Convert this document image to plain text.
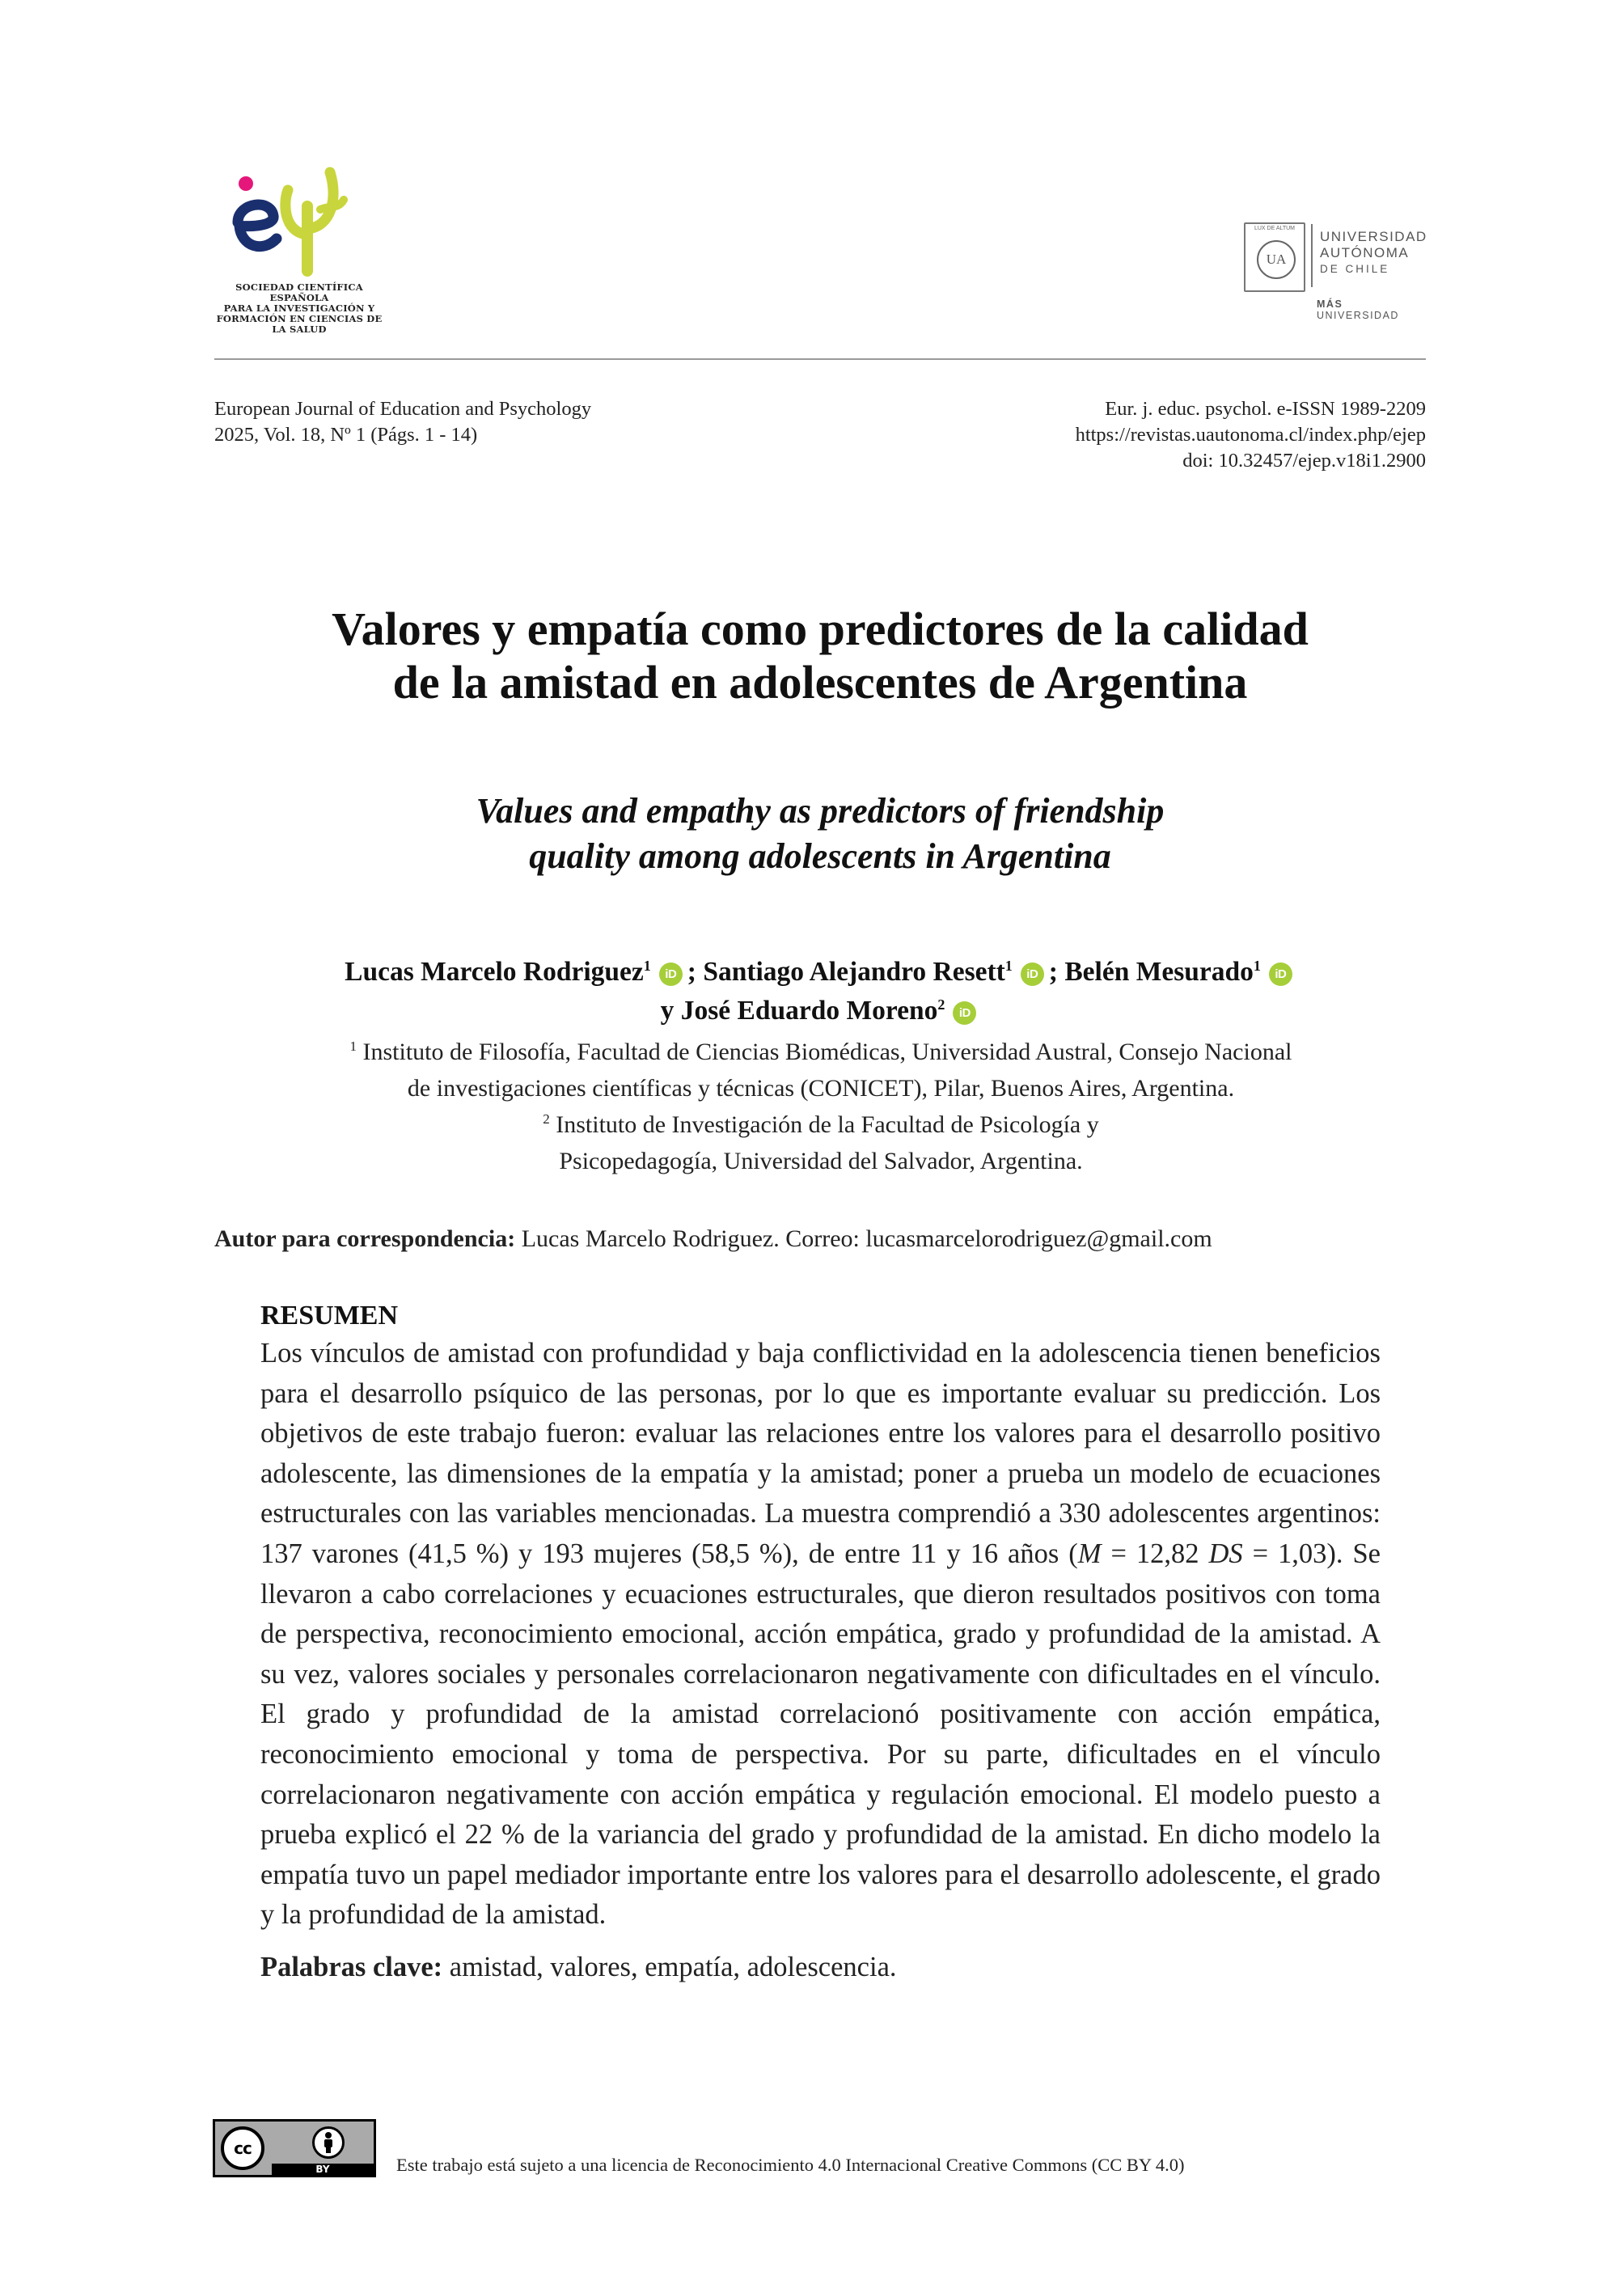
SOCIEDAD CIENTÍFICA ESPAÑOLA
PARA LA INVESTIGACIÓN Y
FORMACIÓN EN CIENCIAS DE
LA SALUD
LUX DE ALTUM
UA
UNIVERSIDAD
AUTÓNOMA
DE CHILE
MÁS UNIVERSIDAD
European Journal of Education and Psychology
2025, Vol. 18, Nº 1 (Págs. 1 - 14)
Eur. j. educ. psychol. e-ISSN 1989-2209
https://revistas.uautonoma.cl/index.php/ejep
doi: 10.32457/ejep.v18i1.2900
Valores y empatía como predictores de la calidad
de la amistad en adolescentes de Argentina
Values and empathy as predictors of friendship
quality among adolescents in Argentina
Lucas Marcelo Rodriguez$^1$iD ; Santiago Alejandro Resett$^1$iD ; Belén Mesurado$^1$iD
y José Eduardo Moreno$^2$iD
$^1$ Instituto de Filosofía, Facultad de Ciencias Biomédicas, Universidad Austral, Consejo Nacional
de investigaciones científicas y técnicas (CONICET), Pilar, Buenos Aires, Argentina.
$^2$ Instituto de Investigación de la Facultad de Psicología y
Psicopedagogía, Universidad del Salvador, Argentina.
Autor para correspondencia: Lucas Marcelo Rodriguez. Correo: lucasmarcelorodriguez@gmail.com
RESUMEN

Los vínculos de amistad con profundidad y baja conflictividad en la adolescencia tienen beneficios para el desarrollo psíquico de las personas, por lo que es importante evaluar su predicción. Los objetivos de este trabajo fueron: evaluar las relaciones entre los valores para el desarrollo positivo adolescente, las dimensiones de la empatía y la amistad; poner a prueba un modelo de ecuaciones estructurales con las variables mencionadas. La muestra comprendió a 330 adolescentes argentinos: 137 varones (41,5 %) y 193 mujeres (58,5 %), de entre 11 y 16 años (M = 12,82 DS = 1,03). Se llevaron a cabo correlaciones y ecuaciones estructurales, que dieron resultados positivos con toma de perspectiva, reconocimiento emocional, acción empática, grado y profundidad de la amistad. A su vez, valores sociales y personales correlacionaron negativamente con dificultades en el vínculo. El grado y profundidad de la amistad correlacionó positivamente con acción empática, reconocimiento emocional y toma de perspectiva. Por su parte, dificultades en el vínculo correlacionaron negativamente con acción empática y regulación emocional. El modelo puesto a prueba explicó el 22 % de la variancia del grado y profundidad de la amistad. En dicho modelo la empatía tuvo un papel mediador importante entre los valores para el desarrollo adolescente, el grado y la profundidad de la amistad.

Palabras clave: amistad, valores, empatía, adolescencia.
cc
BY	Este trabajo está sujeto a una licencia de Reconocimiento 4.0 Internacional Creative Commons (CC BY 4.0)
